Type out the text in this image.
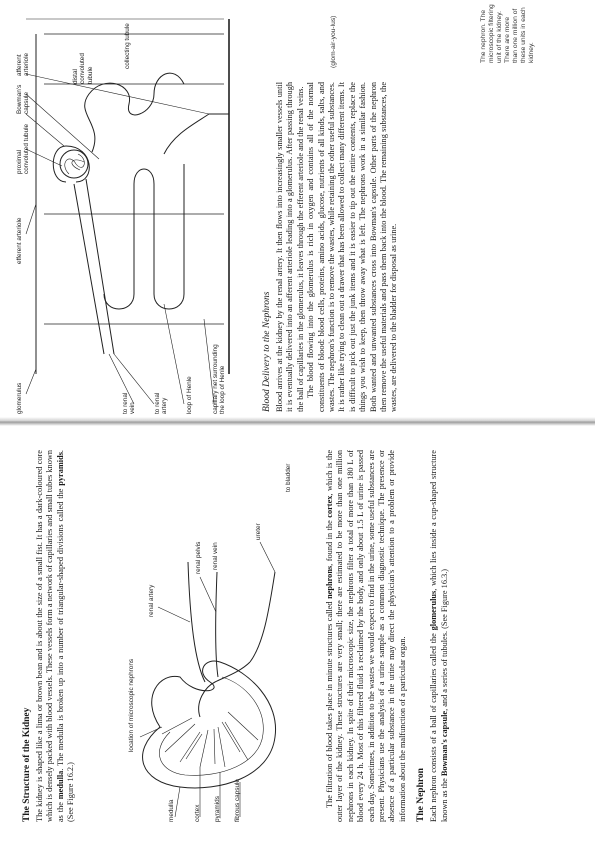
The Structure of the Kidney The kidney is shaped like a lima or brown bean and is about the size of a small fist. It has a dark-coloured core which is densely packed with blood vessels. These vessels form a network of capillaries and small tubes known as the medulla. The medulla is broken up into a number of triangular-shaped divisions called the pyramids. (See Figure 16.2.)

location of microscopic nephrons
renal artery
renal pelvis
ureter
to bladder
renal vein
medulla	cortex pyramids fibrous capsule	The filtration of blood takes place in minute structures called nephrons, found in the cortex, which is the outer layer of the kidney. These structures are very small; there are estimated to be more than one million nephrons in each kidney. In spite of their microscopic size, the nephrons filter a total of more than 180 L of blood every 24 h. Most of this filtered fluid is reclaimed by the body, and only about 1.5 L of urine is passed each day. Sometimes, in addition to the wastes we would expect to find in the urine, some useful substances are present. Physicians use the analysis of a urine sample as a common diagnostic technique. The presence or absence of a particular substance in the urine may direct the physician's attention to a problem or provide information about the malfunction of a particular organ. The Nephron Each nephron consists of a ball of capillaries called the glomerulus, which lies inside a cup-shaped structure known as the Bowman's capsule, and a series of tubules. (See Figure 16.3.)

glomerulus
efferent arteriole
proximal convoluted tubule
Bowman's capsule
afferent arteriole
distal convoluted tubule
collecting tubule
to renal vein	to renal artery	loop of Henle	capillary net surrounding the loop of Henle	Blood Delivery to the Nephrons Blood arrives at the kidney by the renal artery. It then flows into increasingly smaller vessels until it is eventually delivered into an afferent arteriole leading into a glomerulus. After passing through the ball of capillaries in the glomerulus, it leaves through the efferent arteriole and the renal veins. The blood flowing into the glomerulus is rich in oxygen and contains all of the normal constituents of blood: blood cells, proteins, amino acids, glucose, nutrients of all kinds, salts, and wastes. The nephron's function is to remove the wastes, while retaining the other useful substances. It is rather like trying to clean out a drawer that has been allowed to collect many different items. It is difficult to pick out just the junk items and it is easier to tip out the entire contents, replace the things you wish to keep, then throw away what is left. The nephrons work in a similar fashion. Both wanted and unwanted substances cross into Bowman's capsule. Other parts of the nephron then remove the useful materials and pass them back into the blood. The remaining substances, the wastes, are delivered to the bladder for disposal as urine.

(glom-air-you-lus)	The nephron. The microscopic filtering unit of the kidney. There are more than one million of these units in each kidney.
